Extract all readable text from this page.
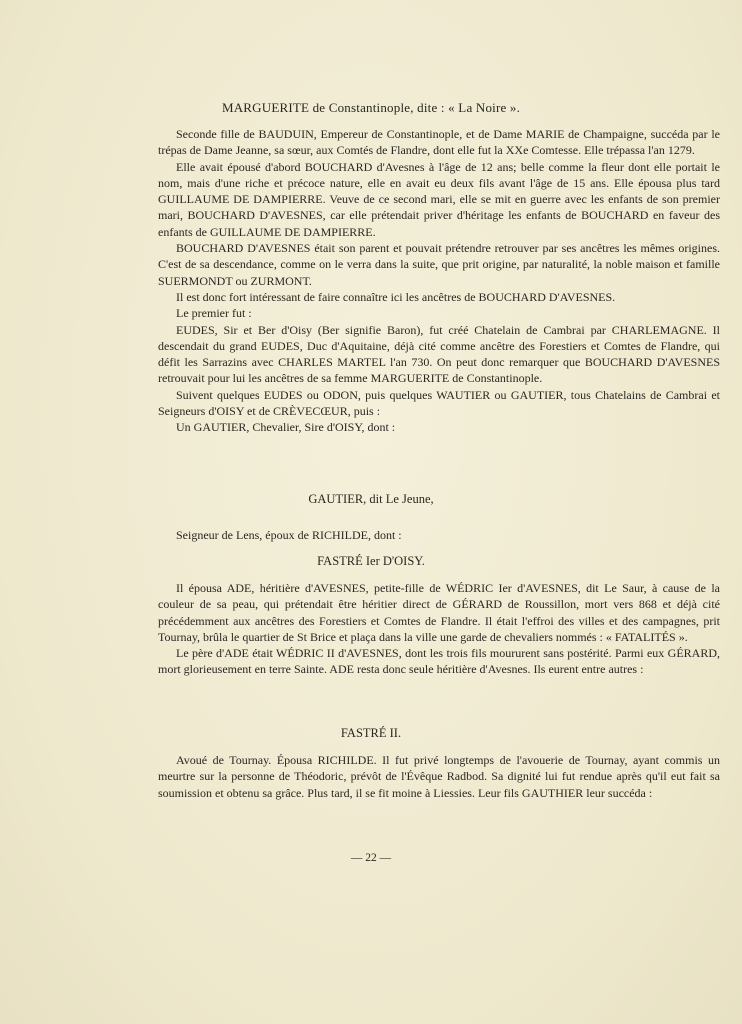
MARGUERITE de Constantinople, dite : « La Noire ».

Seconde fille de BAUDUIN, Empereur de Constantinople, et de Dame MARIE de Champaigne, succéda par le trépas de Dame Jeanne, sa sœur, aux Comtés de Flandre, dont elle fut la XXe Comtesse. Elle trépassa l'an 1279.

Elle avait épousé d'abord BOUCHARD d'Avesnes à l'âge de 12 ans; belle comme la fleur dont elle portait le nom, mais d'une riche et précoce nature, elle en avait eu deux fils avant l'âge de 15 ans. Elle épousa plus tard GUILLAUME DE DAMPIERRE. Veuve de ce second mari, elle se mit en guerre avec les enfants de son premier mari, BOUCHARD D'AVESNES, car elle prétendait priver d'héritage les enfants de BOUCHARD en faveur des enfants de GUILLAUME DE DAMPIERRE.

BOUCHARD D'AVESNES était son parent et pouvait prétendre retrouver par ses ancêtres les mêmes origines. C'est de sa descendance, comme on le verra dans la suite, que prit origine, par naturalité, la noble maison et famille SUERMONDT ou ZURMONT.

Il est donc fort intéressant de faire connaître ici les ancêtres de BOUCHARD D'AVESNES.

Le premier fut :

EUDES, Sir et Ber d'Oisy (Ber signifie Baron), fut créé Chatelain de Cambrai par CHARLEMAGNE. Il descendait du grand EUDES, Duc d'Aquitaine, déjà cité comme ancêtre des Forestiers et Comtes de Flandre, qui défit les Sarrazins avec CHARLES MARTEL l'an 730. On peut donc remarquer que BOUCHARD D'AVESNES retrouvait pour lui les ancêtres de sa femme MARGUERITE de Constantinople.

Suivent quelques EUDES ou ODON, puis quelques WAUTIER ou GAUTIER, tous Chatelains de Cambrai et Seigneurs d'OISY et de CRÈVECŒUR, puis :

Un GAUTIER, Chevalier, Sire d'OISY, dont :

GAUTIER, dit Le Jeune,

Seigneur de Lens, époux de RICHILDE, dont :

FASTRÉ Ier D'OISY.

Il épousa ADE, héritière d'AVESNES, petite-fille de WÉDRIC Ier d'AVESNES, dit Le Saur, à cause de la couleur de sa peau, qui prétendait être héritier direct de GÉRARD de Roussillon, mort vers 868 et déjà cité précédemment aux ancêtres des Forestiers et Comtes de Flandre. Il était l'effroi des villes et des campagnes, prit Tournay, brûla le quartier de St Brice et plaça dans la ville une garde de chevaliers nommés : « FATALITÉS ».

Le père d'ADE était WÉDRIC II d'AVESNES, dont les trois fils moururent sans postérité. Parmi eux GÉRARD, mort glorieusement en terre Sainte. ADE resta donc seule héritière d'Avesnes. Ils eurent entre autres :

FASTRÉ II.

Avoué de Tournay. Épousa RICHILDE. Il fut privé longtemps de l'avouerie de Tournay, ayant commis un meurtre sur la personne de Théodoric, prévôt de l'Évêque Radbod. Sa dignité lui fut rendue après qu'il eut fait sa soumission et obtenu sa grâce. Plus tard, il se fit moine à Liessies. Leur fils GAUTHIER leur succéda :

— 22 —
